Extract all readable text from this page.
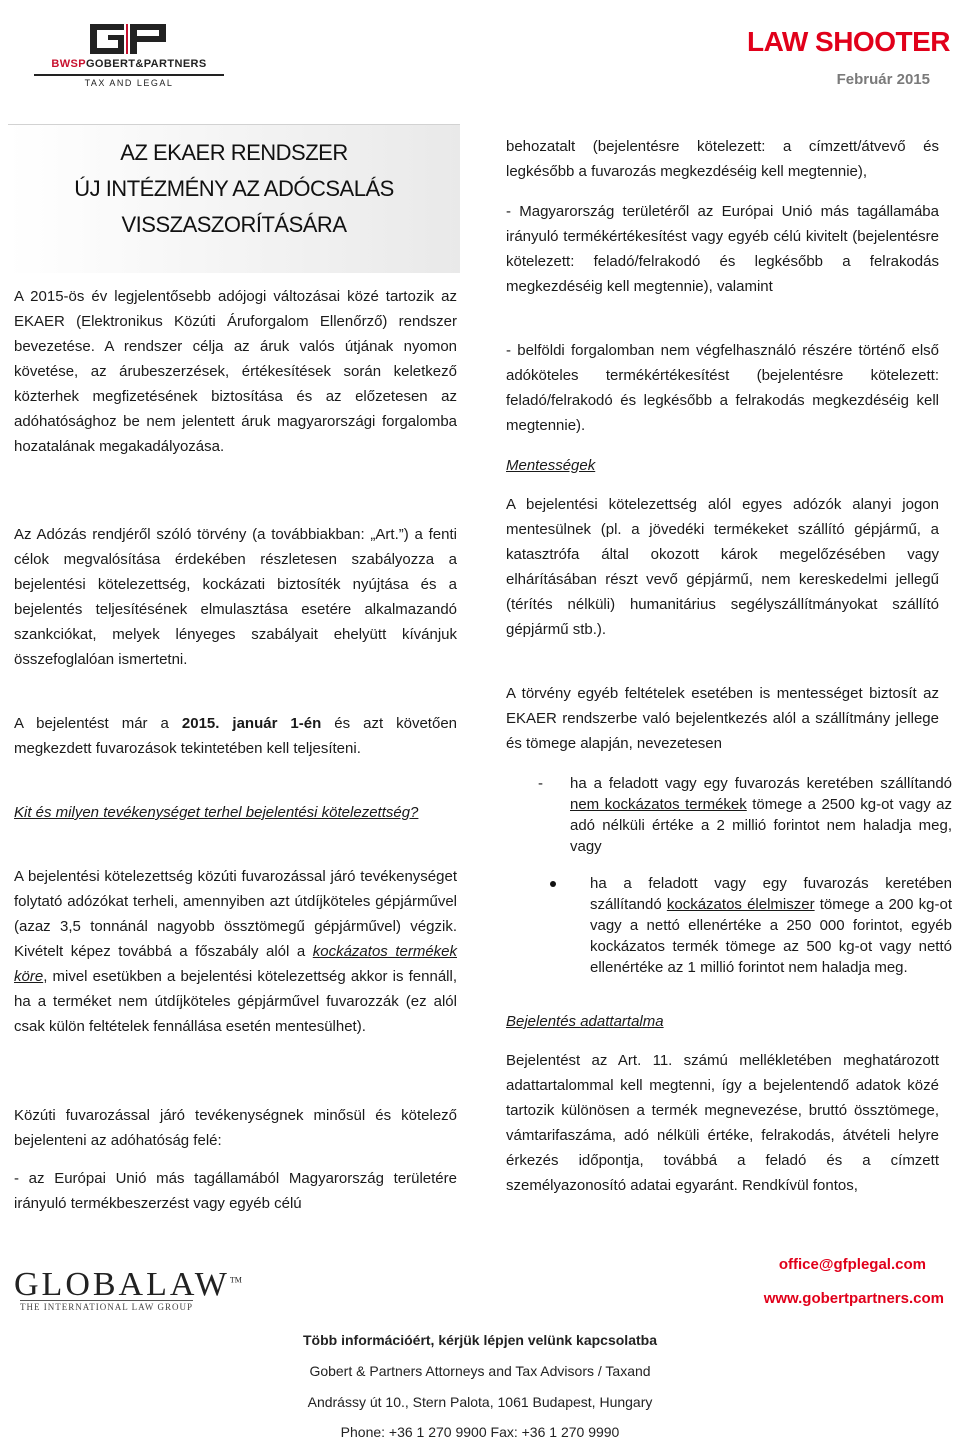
BWSPGOBERT&PARTNERS
TAX AND LEGAL
LAW SHOOTER
Február 2015
AZ EKAER RENDSZER
ÚJ INTÉZMÉNY AZ ADÓCSALÁS
VISSZASZORÍTÁSÁRA

A 2015-ös év legjelentősebb adójogi változásai közé tartozik az EKAER (Elektronikus Közúti Áruforgalom Ellenőrző) rendszer bevezetése. A rendszer célja az áruk valós útjának nyomon követése, az árubeszerzések, értékesítések során keletkező közterhek megfizetésének biztosítása és az előzetesen az adóhatósághoz be nem jelentett áruk magyarországi forgalomba hozatalának megakadályozása.

Az Adózás rendjéről szóló törvény (a továbbiakban: „Art.”) a fenti célok megvalósítása érdekében részletesen szabályozza a bejelentési kötelezettség, kockázati biztosíték nyújtása és a bejelentés teljesítésének elmulasztása esetére alkalmazandó szankciókat, melyek lényeges szabályait ehelyütt kívánjuk összefoglalóan ismertetni.

A bejelentést már a 2015. január 1-én és azt követően megkezdett fuvarozások tekintetében kell teljesíteni.

Kit és milyen tevékenységet terhel bejelentési kötelezettség?

A bejelentési kötelezettség közúti fuvarozással járó tevékenységet folytató adózókat terheli, amennyiben azt útdíjköteles gépjárművel (azaz 3,5 tonnánál nagyobb össztömegű gépjárművel) végzik. Kivételt képez továbbá a főszabály alól a kockázatos termékek köre, mivel esetükben a bejelentési kötelezettség akkor is fennáll, ha a terméket nem útdíjköteles gépjárművel fuvarozzák (ez alól csak külön feltételek fennállása esetén mentesülhet).

Közúti fuvarozással járó tevékenységnek minősül és kötelező bejelenteni az adóhatóság felé:

- az Európai Unió más tagállamából Magyarország területére irányuló termékbeszerzést vagy egyéb célú

behozatalt (bejelentésre kötelezett: a címzett/átvevő és legkésőbb a fuvarozás megkezdéséig kell megtennie),

- Magyarország területéről az Európai Unió más tagállamába irányuló termékértékesítést vagy egyéb célú kivitelt (bejelentésre kötelezett: feladó/felrakodó és legkésőbb a felrakodás megkezdéséig kell megtennie), valamint

- belföldi forgalomban nem végfelhasználó részére történő első adóköteles termékértékesítést (bejelentésre kötelezett: feladó/felrakodó és legkésőbb a felrakodás megkezdéséig kell megtennie).

Mentességek

A bejelentési kötelezettség alól egyes adózók alanyi jogon mentesülnek (pl. a jövedéki termékeket szállító gépjármű, a katasztrófa által okozott károk megelőzésében vagy elhárításában részt vevő gépjármű, nem kereskedelmi jellegű (térítés nélküli) humanitárius segélyszállítmányokat szállító gépjármű stb.).

A törvény egyéb feltételek esetében is mentességet biztosít az EKAER rendszerbe való bejelentkezés alól a szállítmány jellege és tömege alapján, nevezetesen

- ha a feladott vagy egy fuvarozás keretében szállítandó nem kockázatos termékek tömege a 2500 kg-ot vagy az adó nélküli értéke a 2 millió forintot nem haladja meg, vagy
ha a feladott vagy egy fuvarozás keretében szállítandó kockázatos élelmiszer tömege a 200 kg-ot vagy a nettó ellenértéke a 250 000 forintot, egyéb kockázatos termék tömege az 500 kg-ot vagy nettó ellenértéke az 1 millió forintot nem haladja meg.

Bejelentés adattartalma

Bejelentést az Art. 11. számú mellékletében meghatározott adattartalommal kell megtenni, így a bejelentendő adatok közé tartozik különösen a termék megnevezése, bruttó össztömege, vámtarifaszáma, adó nélküli értéke, felrakodás, átvételi helyre érkezés időpontja, továbbá a feladó és a címzett személyazonosító adatai egyaránt. Rendkívül fontos,

GLOBALAW™
THE INTERNATIONAL LAW GROUP
office@gfplegal.com
www.gobertpartners.com
Több információért, kérjük lépjen velünk kapcsolatba
Gobert & Partners Attorneys and Tax Advisors / Taxand
Andrássy út 10., Stern Palota, 1061 Budapest, Hungary
Phone: +36 1 270 9900 Fax: +36 1 270 9990
